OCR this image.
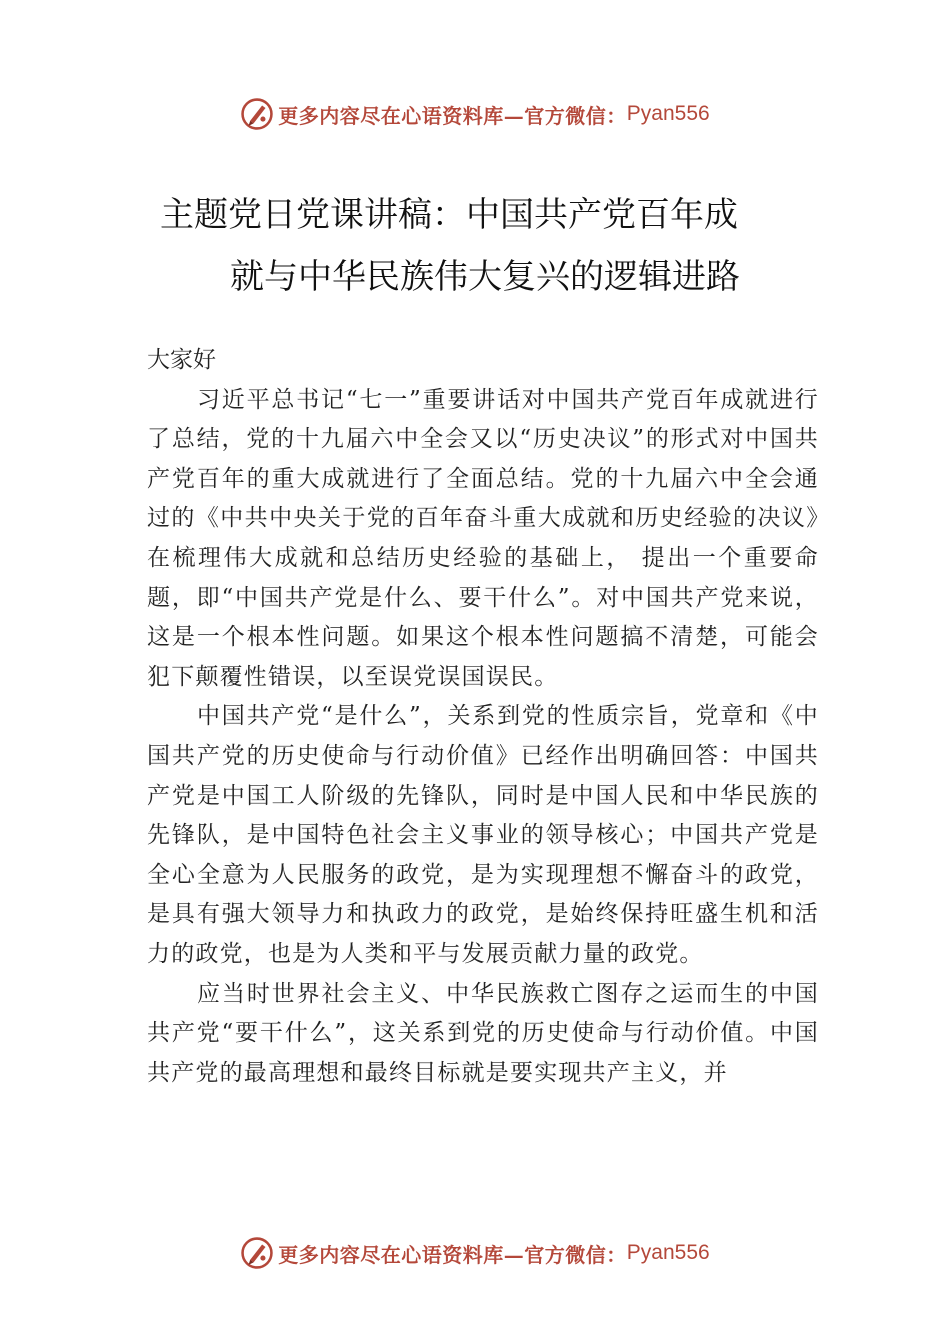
更多内容尽在心语资料库—官方微信： Pyan556
主题党日党课讲稿：中国共产党百年成
就与中华民族伟大复兴的逻辑进路

大家好

习近平总书记“七一”重要讲话对中国共产党百年成就进行了总结，党的十九届六中全会又以“历史决议”的形式对中国共产党百年的重大成就进行了全面总结。党的十九届六中全会通过的《中共中央关于党的百年奋斗重大成就和历史经验的决议》在梳理伟大成就和总结历史经验的基础上， 提出一个重要命题，即“中国共产党是什么、要干什么”。对中国共产党来说，这是一个根本性问题。如果这个根本性问题搞不清楚，可能会犯下颠覆性错误，以至误党误国误民。

中国共产党“是什么”，关系到党的性质宗旨，党章和《中国共产党的历史使命与行动价值》已经作出明确回答：中国共产党是中国工人阶级的先锋队，同时是中国人民和中华民族的先锋队，是中国特色社会主义事业的领导核心；中国共产党是全心全意为人民服务的政党，是为实现理想不懈奋斗的政党，是具有强大领导力和执政力的政党，是始终保持旺盛生机和活力的政党，也是为人类和平与发展贡献力量的政党。

应当时世界社会主义、中华民族救亡图存之运而生的中国共产党“要干什么”，这关系到党的历史使命与行动价值。中国共产党的最高理想和最终目标就是要实现共产主义，并

更多内容尽在心语资料库—官方微信： Pyan556
